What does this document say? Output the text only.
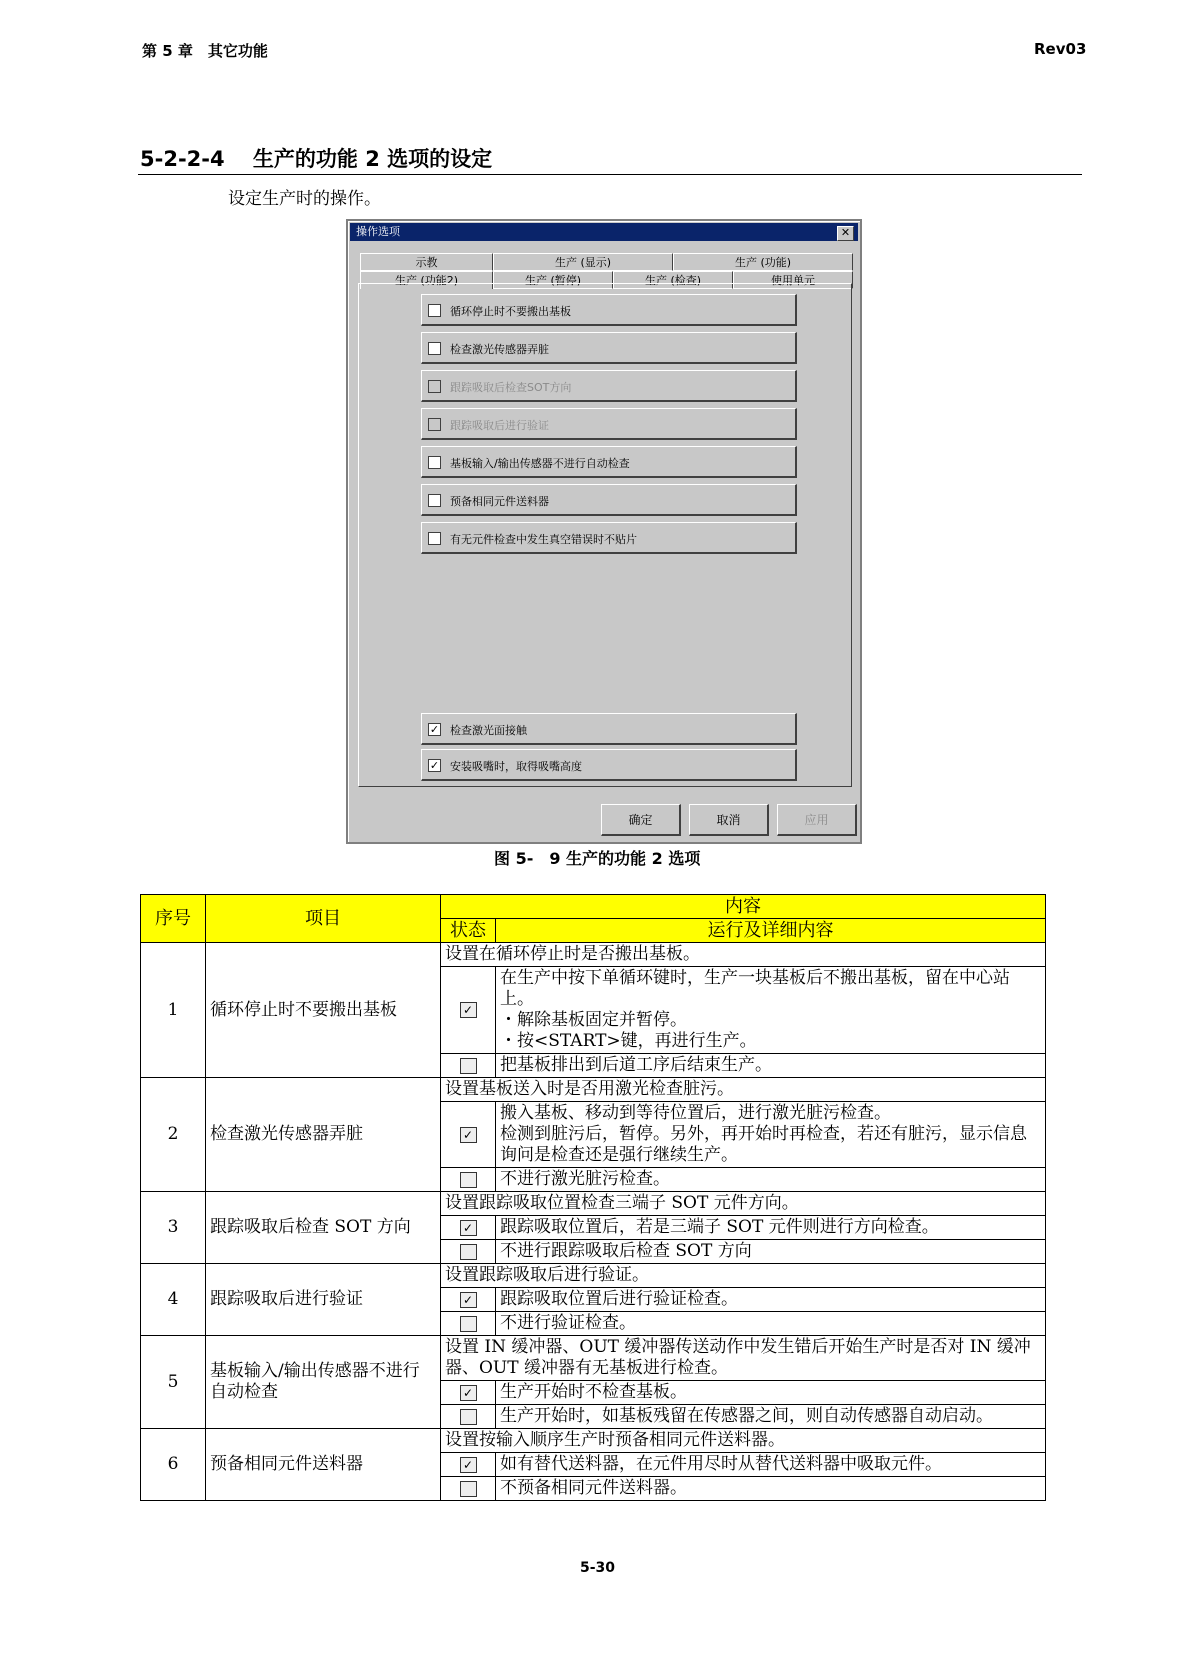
第 5 章　其它功能	Rev03
5-2-2-4　 生产的功能 2 选项的设定
设定生产时的操作。
操作选项	✕
示教	生产 (显示)	生产 (功能)
生产 (功能2)	生产 (暂停)	生产 (检查)	使用单元
循环停止时不要搬出基板
检查激光传感器弄脏
跟踪吸取后检查SOT方向
跟踪吸取后进行验证
基板输入/输出传感器不进行自动检查
预备相同元件送料器
有无元件检查中发生真空错误时不贴片
✓ 检查激光面接触
✓ 安装吸嘴时，取得吸嘴高度
确定	取消	应用
图 5-　9 生产的功能 2 选项
序号	项目	内容	
		状态	运行及详细内容
1	循环停止时不要搬出基板	设置在循环停止时是否搬出基板。	
		✓	在生产中按下单循环键时，生产一块基板后不搬出基板，留在中心站上。
・解除基板固定并暂停。
・按<START>键，再进行生产。
			把基板排出到后道工序后结束生产。
2	检查激光传感器弄脏	设置基板送入时是否用激光检查脏污。	
		✓	搬入基板、移动到等待位置后，进行激光脏污检查。
检测到脏污后，暂停。另外，再开始时再检查，若还有脏污，显示信息询问是检查还是强行继续生产。
			不进行激光脏污检查。
3	跟踪吸取后检查 SOT 方向	设置跟踪吸取位置检查三端子 SOT 元件方向。	
		✓	跟踪吸取位置后，若是三端子 SOT 元件则进行方向检查。
			不进行跟踪吸取后检查 SOT 方向
4	跟踪吸取后进行验证	设置跟踪吸取后进行验证。	
		✓	跟踪吸取位置后进行验证检查。
			不进行验证检查。
5	基板输入/输出传感器不进行自动检查	设置 IN 缓冲器、OUT 缓冲器传送动作中发生错后开始生产时是否对 IN 缓冲器、OUT 缓冲器有无基板进行检查。	
		✓	生产开始时不检查基板。
			生产开始时，如基板残留在传感器之间，则自动传感器自动启动。
6	预备相同元件送料器	设置按输入顺序生产时预备相同元件送料器。	
		✓	如有替代送料器，在元件用尽时从替代送料器中吸取元件。
			不预备相同元件送料器。
5-30
